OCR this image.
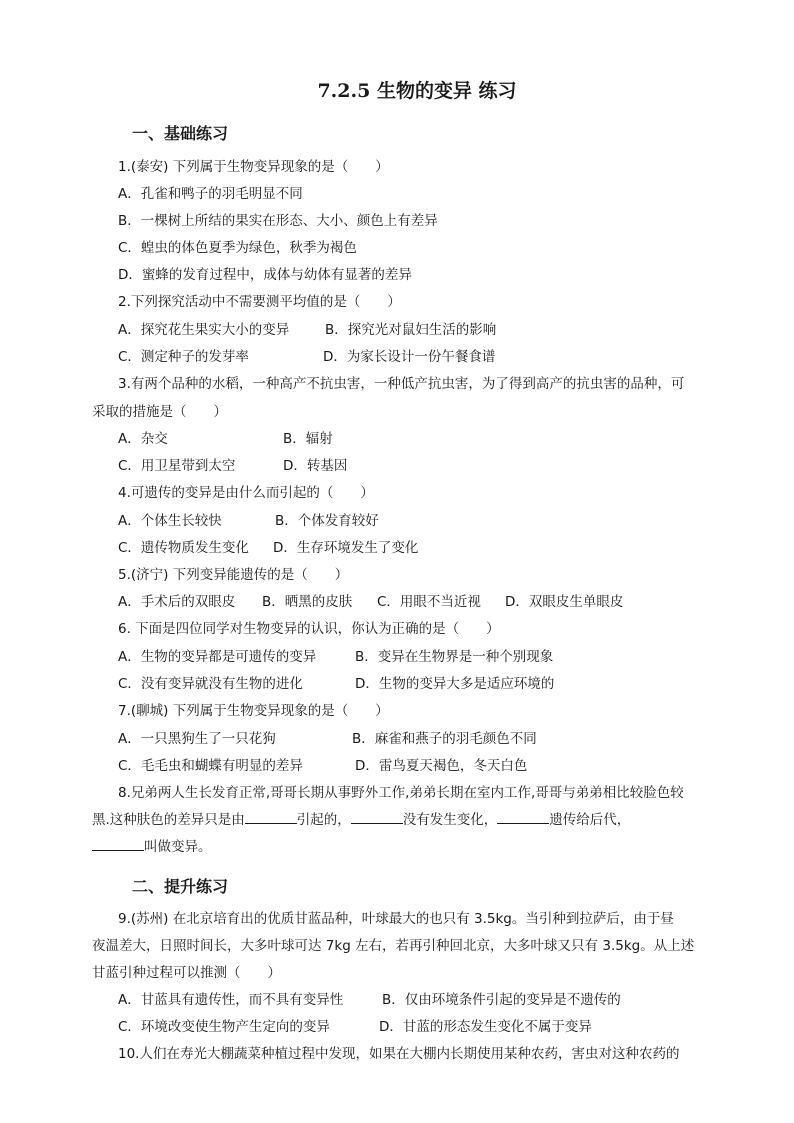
7.2.5 生物的变异 练习
一、基础练习
1.(泰安) 下列属于生物变异现象的是（　　）
A．孔雀和鸭子的羽毛明显不同
B．一棵树上所结的果实在形态、大小、颜色上有差异
C．蝗虫的体色夏季为绿色，秋季为褐色
D．蜜蜂的发育过程中，成体与幼体有显著的差异
2.下列探究活动中不需要测平均值的是（　　）
A．探究花生果实大小的变异	B．探究光对鼠妇生活的影响
C．测定种子的发芽率	D．为家长设计一份午餐食谱
3.有两个品种的水稻，一种高产不抗虫害，一种低产抗虫害，为了得到高产的抗虫害的品种，可
采取的措施是（　　）
A．杂交	B．辐射
C．用卫星带到太空	D．转基因
4.可遗传的变异是由什么而引起的（　　）
A．个体生长较快	B．个体发育较好
C．遗传物质发生变化 D．生存环境发生了变化
5.(济宁) 下列变异能遗传的是（　　）
A．手术后的双眼皮 B．晒黑的皮肤 C．用眼不当近视 D．双眼皮生单眼皮
6. 下面是四位同学对生物变异的认识，你认为正确的是（　　）
A．生物的变异都是可遗传的变异	B．变异在生物界是一种个别现象
C．没有变异就没有生物的进化	D．生物的变异大多是适应环境的
7.(聊城) 下列属于生物变异现象的是（　　）
A．一只黑狗生了一只花狗	B．麻雀和燕子的羽毛颜色不同
C．毛毛虫和蝴蝶有明显的差异	D．雷鸟夏天褐色，冬天白色
8.兄弟两人生长发育正常,哥哥长期从事野外工作,弟弟长期在室内工作,哥哥与弟弟相比较脸色较
黑.这种肤色的差异只是由	引起的，	没有发生变化，	遗传给后代，
叫做变异。
二、提升练习
9.(苏州) 在北京培育出的优质甘蓝品种，叶球最大的也只有 3.5kg。当引种到拉萨后，由于昼
夜温差大，日照时间长，大多叶球可达 7kg 左右，若再引种回北京，大多叶球又只有 3.5kg。从上述
甘蓝引种过程可以推测（　　）
A．甘蓝具有遗传性，而不具有变异性	B．仅由环境条件引起的变异是不遗传的
C．环境改变使生物产生定向的变异	D．甘蓝的形态发生变化不属于变异
10.人们在寿光大棚蔬菜种植过程中发现，如果在大棚内长期使用某种农药，害虫对这种农药的
